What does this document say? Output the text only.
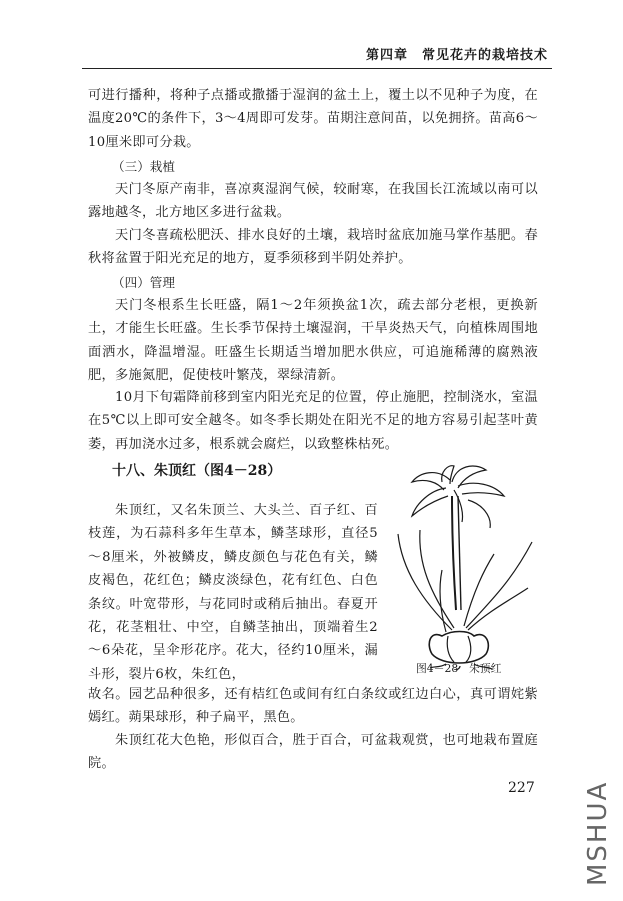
第四章　常见花卉的栽培技术
可进行播种，将种子点播或撒播于湿润的盆土上，覆土以不见种子为度，在温度20℃的条件下，3～4周即可发芽。苗期注意间苗，以免拥挤。苗高6～10厘米即可分栽。
（三）栽植
天门冬原产南非，喜凉爽湿润气候，较耐寒，在我国长江流域以南可以露地越冬，北方地区多进行盆栽。
天门冬喜疏松肥沃、排水良好的土壤，栽培时盆底加施马掌作基肥。春秋将盆置于阳光充足的地方，夏季须移到半阴处养护。
（四）管理
天门冬根系生长旺盛，隔1～2年须换盆1次，疏去部分老根，更换新土，才能生长旺盛。生长季节保持土壤湿润，干旱炎热天气，向植株周围地面洒水，降温增湿。旺盛生长期适当增加肥水供应，可追施稀薄的腐熟液肥，多施氮肥，促使枝叶繁茂，翠绿清新。
10月下旬霜降前移到室内阳光充足的位置，停止施肥，控制浇水，室温在5℃以上即可安全越冬。如冬季长期处在阳光不足的地方容易引起茎叶黄萎，再加浇水过多，根系就会腐烂，以致整株枯死。
十八、朱顶红（图4－28）
朱顶红，又名朱顶兰、大头兰、百子红、百枝莲，为石蒜科多年生草本，鳞茎球形，直径5～8厘米，外被鳞皮，鳞皮颜色与花色有关，鳞皮褐色，花红色；鳞皮淡绿色，花有红色、白色条纹。叶宽带形，与花同时或稍后抽出。春夏开花，花茎粗壮、中空，自鳞茎抽出，顶端着生2～6朵花，呈伞形花序。花大，径约10厘米，漏斗形，裂片6枚，朱红色，
故名。园艺品种很多，还有桔红色或间有红白条纹或红边白心，真可谓姹紫嫣红。蒴果球形，种子扁平，黑色。
朱顶红花大色艳，形似百合，胜于百合，可盆栽观赏，也可地栽布置庭院。
图4－28　朱顶红
227 MSHUA
